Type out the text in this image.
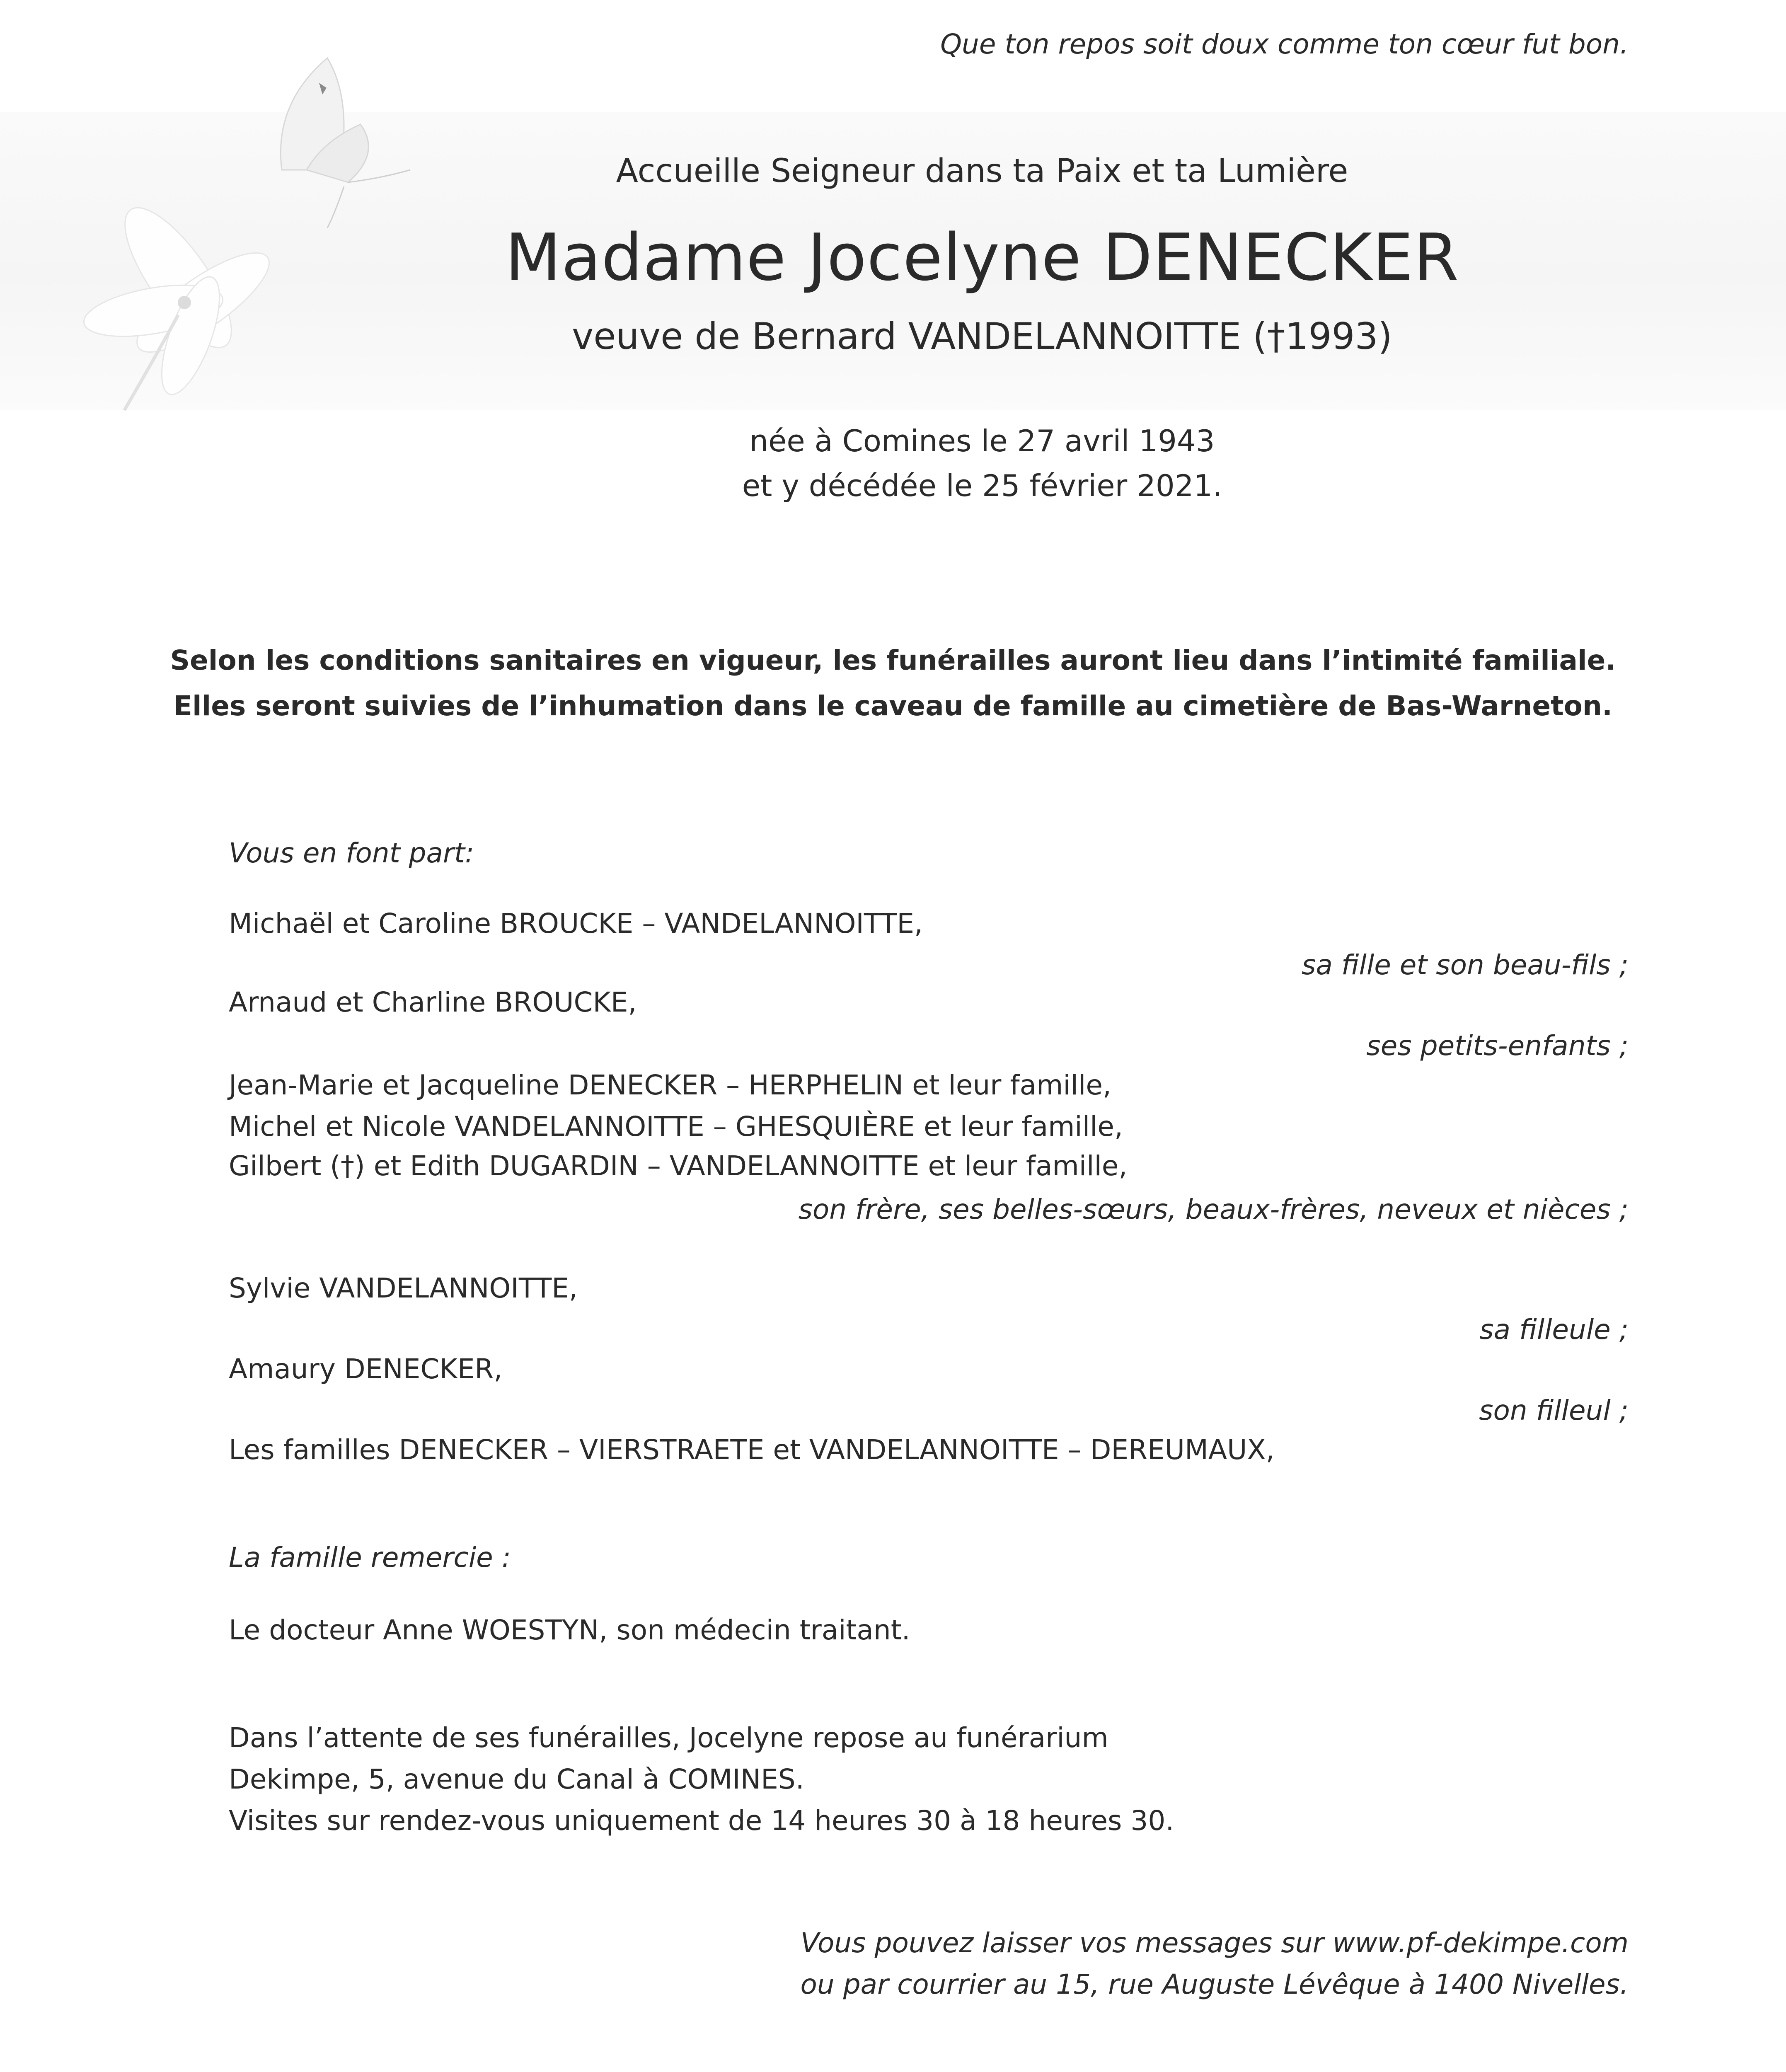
Que ton repos soit doux comme ton cœur fut bon.
Accueille Seigneur dans ta Paix et ta Lumière
Madame Jocelyne DENECKER
veuve de Bernard VANDELANNOITTE (†1993)
née à Comines le 27 avril 1943
et y décédée le 25 février 2021.
Selon les conditions sanitaires en vigueur, les funérailles auront lieu dans l’intimité familiale.
Elles seront suivies de l’inhumation dans le caveau de famille au cimetière de Bas-Warneton.
Vous en font part:
Michaël et Caroline BROUCKE – VANDELANNOITTE,
sa fille et son beau-fils ;
Arnaud et Charline BROUCKE,
ses petits-enfants ;
Jean-Marie et Jacqueline DENECKER – HERPHELIN et leur famille,
Michel et Nicole VANDELANNOITTE – GHESQUIÈRE et leur famille,
Gilbert (†) et Edith DUGARDIN – VANDELANNOITTE et leur famille,
son frère, ses belles-sœurs, beaux-frères, neveux et nièces ;
Sylvie VANDELANNOITTE,
sa filleule ;
Amaury DENECKER,
son filleul ;
Les familles DENECKER – VIERSTRAETE et VANDELANNOITTE – DEREUMAUX,
La famille remercie :
Le docteur Anne WOESTYN, son médecin traitant.
Dans l’attente de ses funérailles, Jocelyne repose au funérarium
Dekimpe, 5, avenue du Canal à COMINES.
Visites sur rendez-vous uniquement de 14 heures 30 à 18 heures 30.
Vous pouvez laisser vos messages sur www.pf-dekimpe.com
ou par courrier au 15, rue Auguste Lévêque à 1400 Nivelles.
